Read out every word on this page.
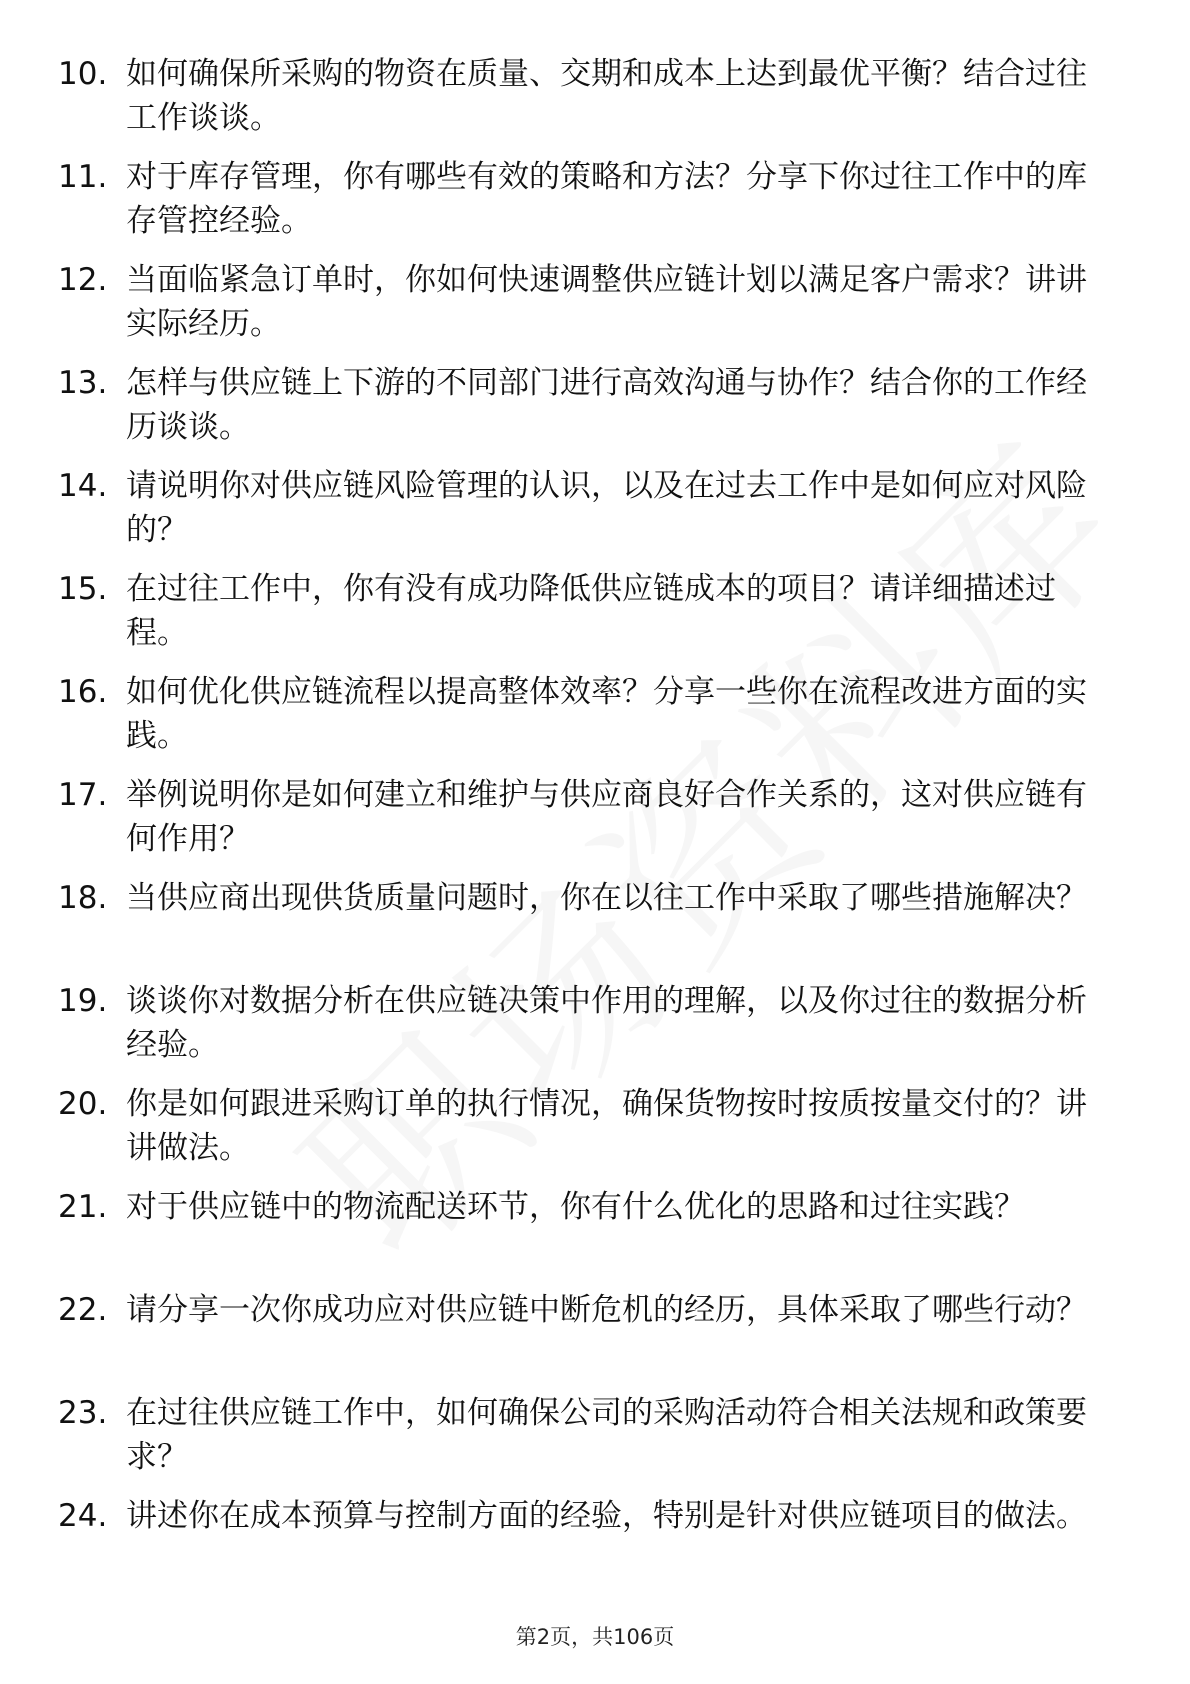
10. 如何确保所采购的物资在质量、交期和成本上达到最优平衡？结合过往工作谈谈。
11. 对于库存管理，你有哪些有效的策略和方法？分享下你过往工作中的库存管控经验。
12. 当面临紧急订单时，你如何快速调整供应链计划以满足客户需求？讲讲实际经历。
13. 怎样与供应链上下游的不同部门进行高效沟通与协作？结合你的工作经历谈谈。
14. 请说明你对供应链风险管理的认识，以及在过去工作中是如何应对风险的？
15. 在过往工作中，你有没有成功降低供应链成本的项目？请详细描述过程。
16. 如何优化供应链流程以提高整体效率？分享一些你在流程改进方面的实践。
17. 举例说明你是如何建立和维护与供应商良好合作关系的，这对供应链有何作用？
18. 当供应商出现供货质量问题时，你在以往工作中采取了哪些措施解决？
19. 谈谈你对数据分析在供应链决策中作用的理解，以及你过往的数据分析经验。
20. 你是如何跟进采购订单的执行情况，确保货物按时按质按量交付的？讲讲做法。
21. 对于供应链中的物流配送环节，你有什么优化的思路和过往实践？
22. 请分享一次你成功应对供应链中断危机的经历，具体采取了哪些行动？
23. 在过往供应链工作中，如何确保公司的采购活动符合相关法规和政策要求？
24. 讲述你在成本预算与控制方面的经验，特别是针对供应链项目的做法。
第2页，共106页
